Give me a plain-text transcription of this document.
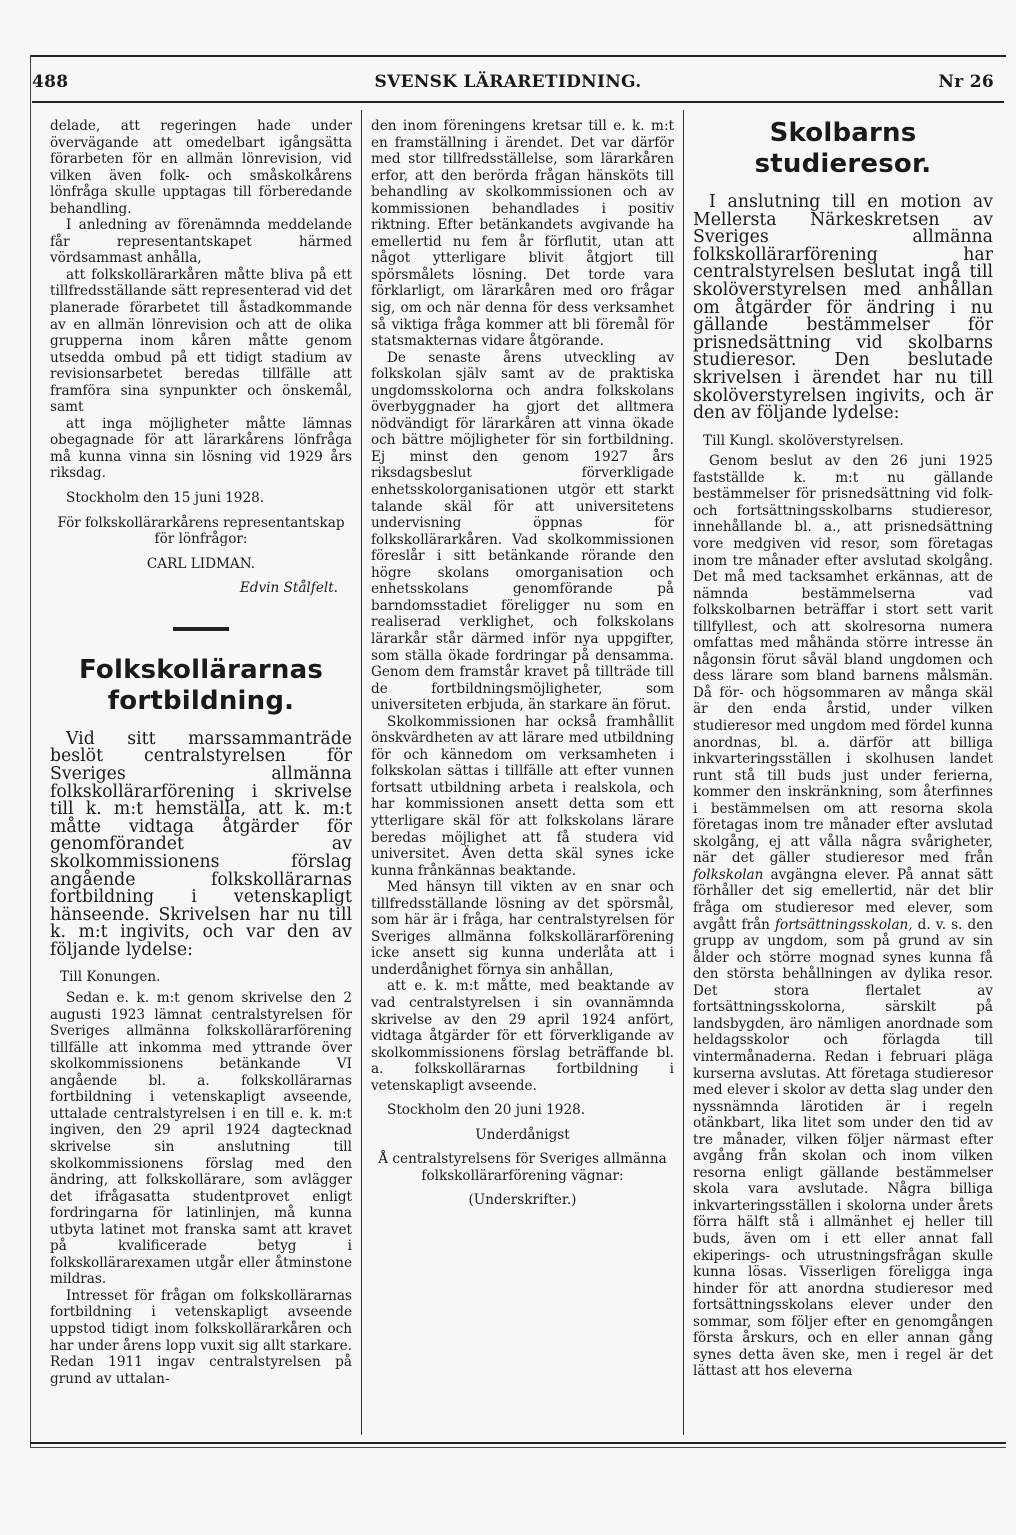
488	SVENSK LÄRARETIDNING.	Nr 26

delade, att regeringen hade under övervägande att omedelbart igångsätta förarbeten för en allmän lönrevision, vid vilken även folk- och småskolkårens lönfråga skulle upptagas till förberedande behandling.

I anledning av förenämnda meddelande får representantskapet härmed vördsammast anhålla,

att folkskollärarkåren måtte bliva på ett tillfredsställande sätt representerad vid det planerade förarbetet till åstadkommande av en allmän lönrevision och att de olika grupperna inom kåren måtte genom utsedda ombud på ett tidigt stadium av revisionsarbetet beredas tillfälle att framföra sina synpunkter och önskemål, samt

att inga möjligheter måtte lämnas obegagnade för att lärarkårens lönfråga må kunna vinna sin lösning vid 1929 års riksdag.

Stockholm den 15 juni 1928.

För folkskollärarkårens representantskap för lönfrågor:

CARL LIDMAN.

Edvin Stålfelt.

Folkskollärarnas fortbildning.

Vid sitt marssammanträde beslöt centralstyrelsen för Sveriges allmänna folkskollärarförening i skrivelse till k. m:t hemställa, att k. m:t måtte vidtaga åtgärder för genomförandet av skolkommissionens förslag angående folkskollärarnas fortbildning i vetenskapligt hänseende. Skrivelsen har nu till k. m:t ingivits, och var den av följande lydelse:

Till Konungen.

Sedan e. k. m:t genom skrivelse den 2 augusti 1923 lämnat centralstyrelsen för Sveriges allmänna folkskollärarförening tillfälle att inkomma med yttrande över skolkommissionens betänkande VI angående bl. a. folkskollärarnas fortbildning i vetenskapligt avseende, uttalade centralstyrelsen i en till e. k. m:t ingiven, den 29 april 1924 dagtecknad skrivelse sin anslutning till skolkommissionens förslag med den ändring, att folkskollärare, som avlägger det ifrågasatta studentprovet enligt fordringarna för latinlinjen, må kunna utbyta latinet mot franska samt att kravet på kvalificerade betyg i folkskollärarexamen utgår eller åtminstone mildras.

Intresset för frågan om folkskollärarnas fortbildning i vetenskapligt avseende uppstod tidigt inom folkskollärarkåren och har under årens lopp vuxit sig allt starkare. Redan 1911 ingav centralstyrelsen på grund av uttalan-

den inom föreningens kretsar till e. k. m:t en framställning i ärendet. Det var därför med stor tillfredsställelse, som lärarkåren erfor, att den berörda frågan hänsköts till behandling av skolkommissionen och av kommissionen behandlades i positiv riktning. Efter betänkandets avgivande ha emellertid nu fem år förflutit, utan att något ytterligare blivit åtgjort till spörsmålets lösning. Det torde vara förklarligt, om lärarkåren med oro frågar sig, om och när denna för dess verksamhet så viktiga fråga kommer att bli föremål för statsmakternas vidare åtgörande.

De senaste årens utveckling av folkskolan själv samt av de praktiska ungdomsskolorna och andra folkskolans överbyggnader ha gjort det alltmera nödvändigt för lärarkåren att vinna ökade och bättre möjligheter för sin fortbildning. Ej minst den genom 1927 års riksdagsbeslut förverkligade enhetsskolorganisationen utgör ett starkt talande skäl för att universitetens undervisning öppnas för folkskollärarkåren. Vad skolkommissionen föreslår i sitt betänkande rörande den högre skolans omorganisation och enhetsskolans genomförande på barndomsstadiet föreligger nu som en realiserad verklighet, och folkskolans lärarkår står därmed inför nya uppgifter, som ställa ökade fordringar på densamma. Genom dem framstår kravet på tillträde till de fortbildningsmöjligheter, som universiteten erbjuda, än starkare än förut.

Skolkommissionen har också framhållit önskvärdheten av att lärare med utbildning för och kännedom om verksamheten i folkskolan sättas i tillfälle att efter vunnen fortsatt utbildning arbeta i realskola, och har kommissionen ansett detta som ett ytterligare skäl för att folkskolans lärare beredas möjlighet att få studera vid universitet. Även detta skäl synes icke kunna frånkännas beaktande.

Med hänsyn till vikten av en snar och tillfredsställande lösning av det spörsmål, som här är i fråga, har centralstyrelsen för Sveriges allmänna folkskollärarförening icke ansett sig kunna underlåta att i underdånighet förnya sin anhållan,

att e. k. m:t måtte, med beaktande av vad centralstyrelsen i sin ovannämnda skrivelse av den 29 april 1924 anfört, vidtaga åtgärder för ett förverkligande av skolkommissionens förslag beträffande bl. a. folkskollärarnas fortbildning i vetenskapligt avseende.

Stockholm den 20 juni 1928.

Underdånigst

Å centralstyrelsens för Sveriges allmänna folkskollärarförening vägnar:

(Underskrifter.)

Skolbarns studieresor.

I anslutning till en motion av Mellersta Närkeskretsen av Sveriges allmänna folkskollärarförening har centralstyrelsen beslutat ingå till skolöverstyrelsen med anhållan om åtgärder för ändring i nu gällande bestämmelser för prisnedsättning vid skolbarns studieresor. Den beslutade skrivelsen i ärendet har nu till skolöverstyrelsen ingivits, och är den av följande lydelse:

Till Kungl. skolöverstyrelsen.

Genom beslut av den 26 juni 1925 fastställde k. m:t nu gällande bestämmelser för prisnedsättning vid folk- och fortsättningsskolbarns studieresor, innehållande bl. a., att prisnedsättning vore medgiven vid resor, som företagas inom tre månader efter avslutad skolgång. Det må med tacksamhet erkännas, att de nämnda bestämmelserna vad folkskolbarnen beträffar i stort sett varit tillfyllest, och att skolresorna numera omfattas med måhända större intresse än någonsin förut såväl bland ungdomen och dess lärare som bland barnens målsmän. Då för- och högsommaren av många skäl är den enda årstid, under vilken studieresor med ungdom med fördel kunna anordnas, bl. a. därför att billiga inkvarteringsställen i skolhusen landet runt stå till buds just under ferierna, kommer den inskränkning, som återfinnes i bestämmelsen om att resorna skola företagas inom tre månader efter avslutad skolgång, ej att vålla några svårigheter, när det gäller studieresor med från folkskolan avgängna elever. På annat sätt förhåller det sig emellertid, när det blir fråga om studieresor med elever, som avgått från fortsättningsskolan, d. v. s. den grupp av ungdom, som på grund av sin ålder och större mognad synes kunna få den största behållningen av dylika resor. Det stora flertalet av fortsättningsskolorna, särskilt på landsbygden, äro nämligen anordnade som heldagsskolor och förlagda till vintermånaderna. Redan i februari pläga kurserna avslutas. Att företaga studieresor med elever i skolor av detta slag under den nyssnämnda lärotiden är i regeln otänkbart, lika litet som under den tid av tre månader, vilken följer närmast efter avgång från skolan och inom vilken resorna enligt gällande bestämmelser skola vara avslutade. Några billiga inkvarteringsställen i skolorna under årets förra hälft stå i allmänhet ej heller till buds, även om i ett eller annat fall ekiperings- och utrustningsfrågan skulle kunna lösas. Visserligen föreligga inga hinder för att anordna studieresor med fortsättningsskolans elever under den sommar, som följer efter en genomgången första årskurs, och en eller annan gång synes detta även ske, men i regel är det lättast att hos eleverna
